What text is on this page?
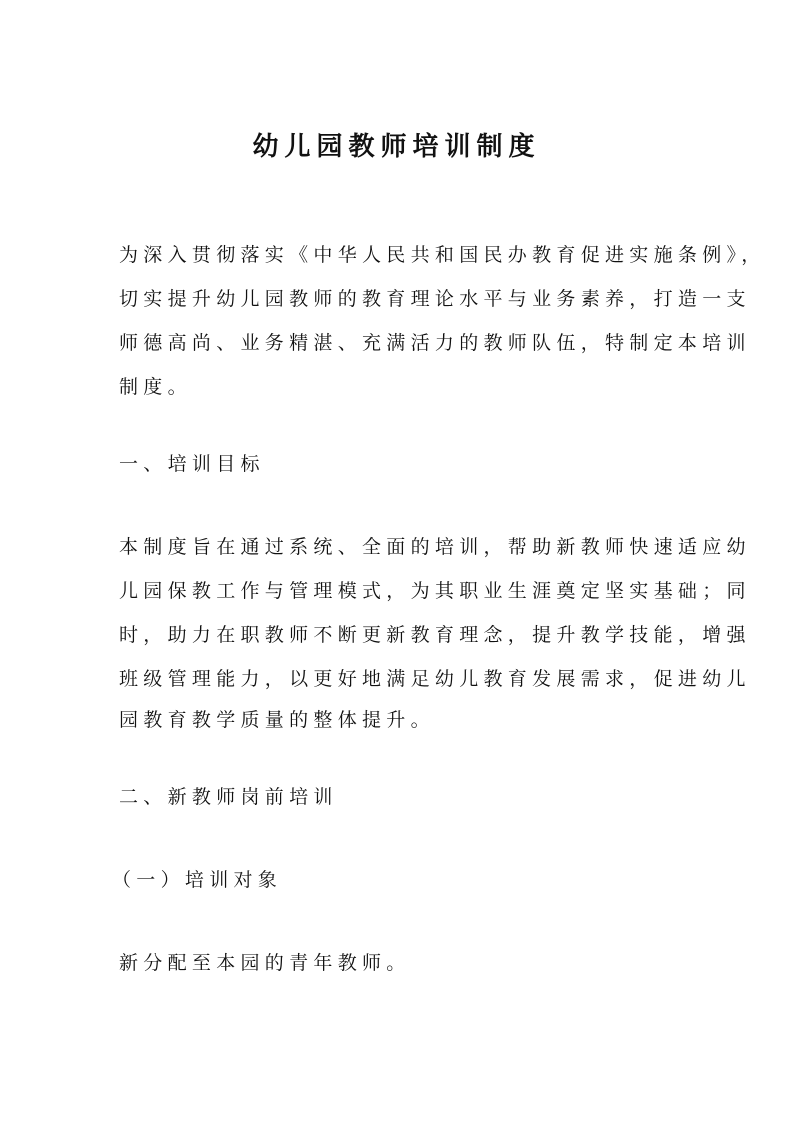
幼儿园教师培训制度
为深入贯彻落实《中华人民共和国民办教育促进实施条例》，
切实提升幼儿园教师的教育理论水平与业务素养，打造一支
师德高尚、业务精湛、充满活力的教师队伍，特制定本培训
制度。
一、培训目标
本制度旨在通过系统、全面的培训，帮助新教师快速适应幼
儿园保教工作与管理模式，为其职业生涯奠定坚实基础；同
时，助力在职教师不断更新教育理念，提升教学技能，增强
班级管理能力，以更好地满足幼儿教育发展需求，促进幼儿
园教育教学质量的整体提升。
二、新教师岗前培训
（一）培训对象
新分配至本园的青年教师。
